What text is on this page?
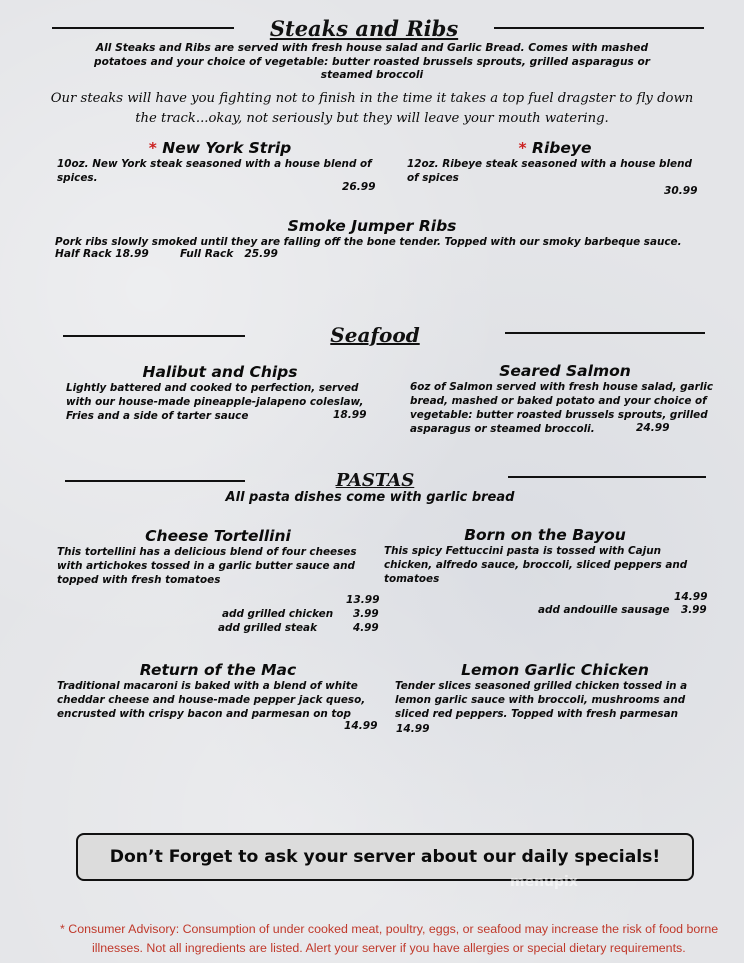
Steaks and Ribs
All Steaks and Ribs are served with fresh house salad and Garlic Bread. Comes with mashed
potatoes and your choice of vegetable: butter roasted brussels sprouts, grilled asparagus or
steamed broccoli
Our steaks will have you fighting not to finish in the time it takes a top fuel dragster to fly down
the track...okay, not seriously but they will leave your mouth watering.
* New York Strip
10oz. New York steak seasoned with a house blend of
spices.
26.99
* Ribeye
12oz. Ribeye steak seasoned with a house blend
of spices
30.99
Smoke Jumper Ribs
Pork ribs slowly smoked until they are falling off the bone tender. Topped with our smoky barbeque sauce.
Half Rack 18.99	Full Rack   25.99
Seafood
Halibut and Chips
Lightly battered and cooked to perfection, served
with our house-made pineapple-jalapeno coleslaw,
Fries and a side of tarter sauce	18.99
Seared Salmon
6oz of Salmon served with fresh house salad, garlic
bread, mashed or baked potato and your choice of
vegetable: butter roasted brussels sprouts, grilled
asparagus or steamed broccoli.	24.99
PASTAS
All pasta dishes come with garlic bread
Cheese Tortellini
This tortellini has a delicious blend of four cheeses
with artichokes tossed in a garlic butter sauce and
topped with fresh tomatoes
13.99
add grilled chicken 3.99
add grilled steak	4.99
Born on the Bayou
This spicy Fettuccini pasta is tossed with Cajun
chicken, alfredo sauce, broccoli, sliced peppers and
tomatoes
14.99
add andouille sausage 3.99
Return of the Mac
Traditional macaroni is baked with a blend of white
cheddar cheese and house-made pepper jack queso,
encrusted with crispy bacon and parmesan on top
14.99
Lemon Garlic Chicken
Tender slices seasoned grilled chicken tossed in a
lemon garlic sauce with broccoli, mushrooms and
sliced red peppers. Topped with fresh parmesan
14.99
Don’t Forget to ask your server about our daily specials!
menupix
* Consumer Advisory: Consumption of under cooked meat, poultry, eggs, or seafood may increase the risk of food borne
illnesses. Not all ingredients are listed. Alert your server if you have allergies or special dietary requirements.
